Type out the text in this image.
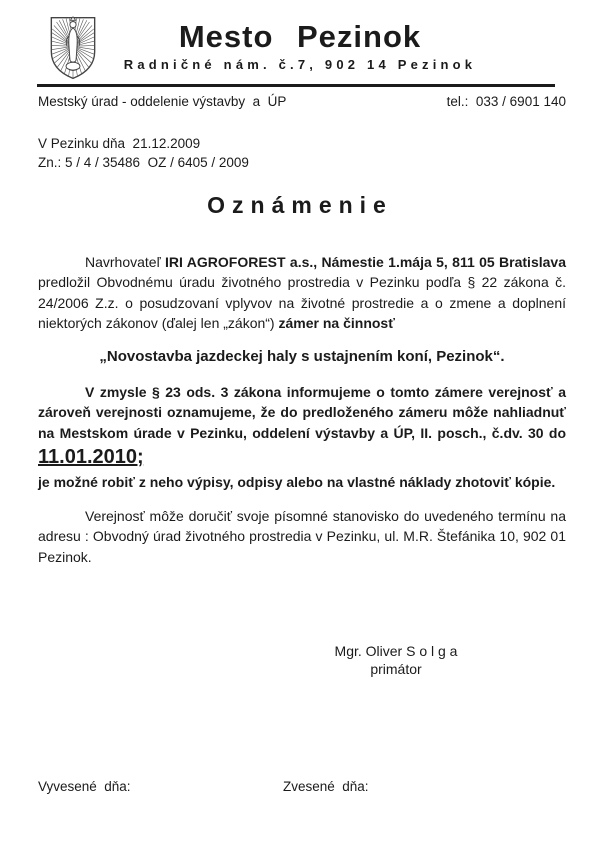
Mesto Pezinok
Radničné nám. č.7, 902 14 Pezinok
Mestský úrad - oddelenie výstavby  a  ÚP	tel.:  033 / 6901 140
V Pezinku dňa  21.12.2009
Zn.: 5 / 4 / 35486  OZ / 6405 / 2009
Oznámenie

Navrhovateľ IRI AGROFOREST a.s., Námestie 1.mája 5, 811 05 Bratislava predložil Obvodnému úradu životného prostredia v Pezinku podľa § 22 zákona č. 24/2006 Z.z. o posudzovaní vplyvov na životné prostredie a o zmene a doplnení niektorých zákonov (ďalej len „zákon“) zámer na činnosť

„Novostavba jazdeckej haly s ustajnením koní, Pezinok“.

V zmysle § 23 ods. 3 zákona informujeme o tomto zámere verejnosť a zároveň verejnosti oznamujeme, že do predloženého zámeru môže nahliadnuť na Mestskom úrade v Pezinku, oddelení výstavby a ÚP, II. posch., č.dv. 30 do 11.01.2010;
je možné robiť z neho výpisy, odpisy alebo na vlastné náklady zhotoviť kópie.

Verejnosť môže doručiť svoje písomné stanovisko do uvedeného termínu na adresu : Obvodný úrad životného prostredia v Pezinku, ul. M.R. Štefánika 10, 902 01 Pezinok.

Mgr. Oliver S o l g a
primátor
Vyvesené  dňa:	Zvesené  dňa:
